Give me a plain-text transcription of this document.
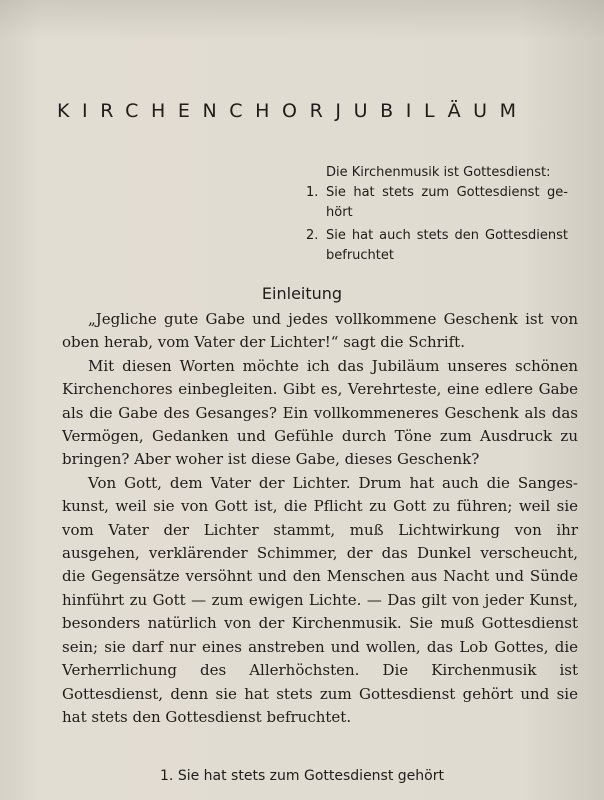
KIRCHENCHORJUBILÄUM
Die Kirchenmusik ist Gottesdienst:
1. Sie hat stets zum Gottesdienst gehört
2. Sie hat auch stets den Gottesdienst befruchtet
Einleitung

„Jegliche gute Gabe und jedes vollkommene Geschenk ist von oben herab, vom Vater der Lichter!“ sagt die Schrift.

Mit diesen Worten möchte ich das Jubiläum unseres schönen Kirchenchores einbegleiten. Gibt es, Verehrteste, eine edlere Gabe als die Gabe des Gesanges? Ein vollkommeneres Geschenk als das Vermögen, Gedanken und Gefühle durch Töne zum Ausdruck zu bringen? Aber woher ist diese Gabe, dieses Geschenk?

Von Gott, dem Vater der Lichter. Drum hat auch die Sangeskunst, weil sie von Gott ist, die Pflicht zu Gott zu führen; weil sie vom Vater der Lichter stammt, muß Lichtwirkung von ihr ausgehen, verklärender Schimmer, der das Dunkel verscheucht, die Gegensätze versöhnt und den Menschen aus Nacht und Sünde hinführt zu Gott — zum ewigen Lichte. — Das gilt von jeder Kunst, besonders natürlich von der Kirchenmusik. Sie muß Gottesdienst sein; sie darf nur eines anstreben und wollen, das Lob Gottes, die Verherrlichung des Allerhöchsten. Die Kirchenmusik ist Gottesdienst, denn sie hat stets zum Gottesdienst gehört und sie hat stets den Gottesdienst befruchtet.

1. Sie hat stets zum Gottesdienst gehört
